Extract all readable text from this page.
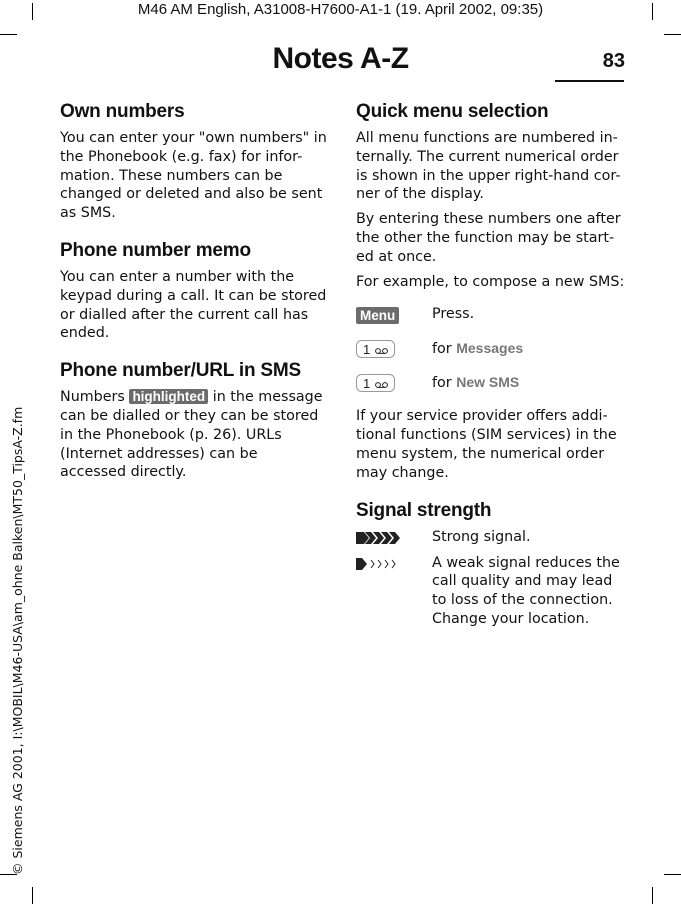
M46 AM English, A31008-H7600-A1-1 (19. April 2002, 09:35)
Notes A-Z	83
© Siemens AG 2001, I:\MOBIL\M46-USA\am_ohne Balken\MT50_TipsA-Z.fm
Own numbers

You can enter your "own numbers" in the Phonebook (e.g. fax) for infor-mation. These numbers can be changed or deleted and also be sent as SMS.

Phone number memo

You can enter a number with the keypad during a call. It can be stored or dialled after the current call has ended.

Phone number/URL in SMS

Numbers highlighted in the message can be dialled or they can be stored in the Phonebook (p. 26). URLs (Internet addresses) can be accessed directly.

Quick menu selection

All menu functions are numbered in-ternally. The current numerical order is shown in the upper right-hand cor-ner of the display.

By entering these numbers one after the other the function may be start-ed at once.

For example, to compose a new SMS:

Menu	Press.
1	for Messages
1	for New SMS

If your service provider offers addi-tional functions (SIM services) in the menu system, the numerical order may change.

Signal strength
Strong signal.
A weak signal reduces the call quality and may lead to loss of the connection. Change your location.
